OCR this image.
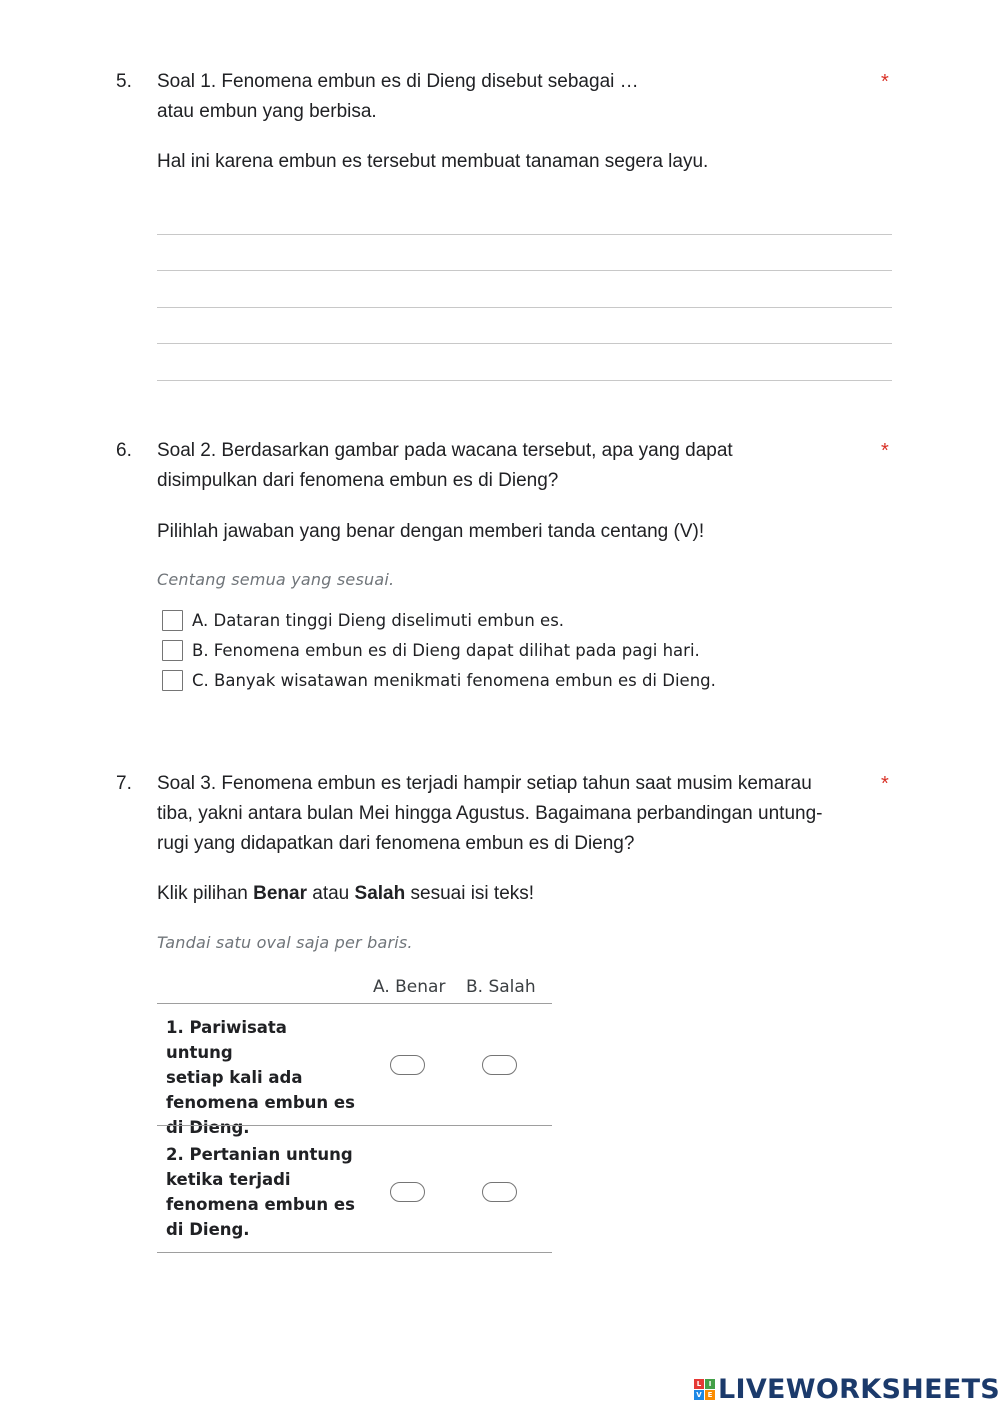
5. Soal 1. Fenomena embun es di Dieng disebut sebagai …
atau embun yang berbisa.
*
Hal ini karena embun es tersebut membuat tanaman segera layu.
6. Soal 2. Berdasarkan gambar pada wacana tersebut, apa yang dapat
disimpulkan dari fenomena embun es di Dieng?
*
Pilihlah jawaban yang benar dengan memberi tanda centang (V)!
Centang semua yang sesuai.
A. Dataran tinggi Dieng diselimuti embun es.
B. Fenomena embun es di Dieng dapat dilihat pada pagi hari.
C. Banyak wisatawan menikmati fenomena embun es di Dieng.
7. Soal 3. Fenomena embun es terjadi hampir setiap tahun saat musim kemarau
tiba, yakni antara bulan Mei hingga Agustus. Bagaimana perbandingan untung-
rugi yang didapatkan dari fenomena embun es di Dieng?
*
Klik pilihan Benar atau Salah sesuai isi teks!
Tandai satu oval saja per baris.
A. Benar B. Salah
1. Pariwisata untung
setiap kali ada
fenomena embun es
di Dieng.
2. Pertanian untung
ketika terjadi
fenomena embun es
di Dieng.
L	I
V E LIVEWORKSHEETS
